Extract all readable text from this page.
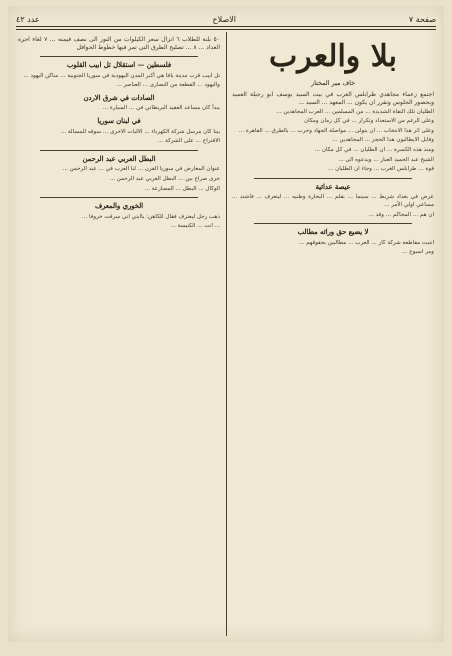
صفحة ٧
الاصلاح
عدد ٤٢
بلا والعرب
خاف مير المختار

اجتمع زعماء مجاهدي طرابلس الغرب في بيت السيد يوسف ابو رجيلة العميد وبحضور الجلوس وتقرر ان يكون ... المعهد ... السيد ...

الطليان تلك النقاة الشديدة ... من المسلمين ... العرب المجاهدين ...

وعلى الرغم من الاستعداد وتكرار ... في كل زمان ومكان

وعلى اثر هذا الانتخاب ... ان يتولى ... مواصلة الجهاد وحرب ... بالطرق ... القاهرة ...

وقابل الايطاليون هذا الحجر ... المجاهدين ...

ومنذ هذه الكسرة ... ان الطليان ... في كل مكان ...

الشيخ عبد الحميد العبار ... ويدعوه الى ...

قوة ... طرابلس الغرب ... وجاء ان الطليان ...

عيصة عدائية

عرض في بغداد شريط ... سينما ... بقلم ... البحارة وطنيه ... ليتعرف ... فاشتد ... مساعي اولي الأمر ...

ان هم ... المحاكم ... وقد ...

لا يضيع حق ورائه مطالب

انتبت مقاطعة شركة كار ... العرب ... مطالبين بحقوقهم ...

ومر اسبوع ...

٥٠ بلنة للطلاب ٦ انزال سعر الكيلوات من النور الى نصف قيمته ... ٧ لغاء اجرة العداد ... ٨ ... تصليح الطرق التي تمر فيها خطوط الحوافل

فلسطين — استقلال تل ابيب القلوب

تل ابيب قرب مدينة يافا هي أكبر المدن اليهودية في سوريا الجنوبية ... ساكن اليهود ...

واليهود ... القطعة من النصارى ... العناصر ...

الصادات في شرق الاردن

يبدأ كان مساعد العقيد البريطاني في ... السيارة ...

في لبنان سوريا

بينا كان مرسل شركة الكهرباء ... الاليات الاخرى ... سوقه للمسالة ...

الاقتراح ... على الشركة ...

البطل العربي عبد الرحمن

عنوان المعارض في سوريا القرن ... لنا العرب في ... عبد الرحمن ...

جرى صراع بين ... البطل العربي عبد الرحمن ...

الوكال ... البطل ... المصارعة ...

الخوري والمعرف

ذهب رجل ليعترف فقال للكاهن: ياابتي اني سرقت خروفا ...

... انت ... الكنيسة ...
